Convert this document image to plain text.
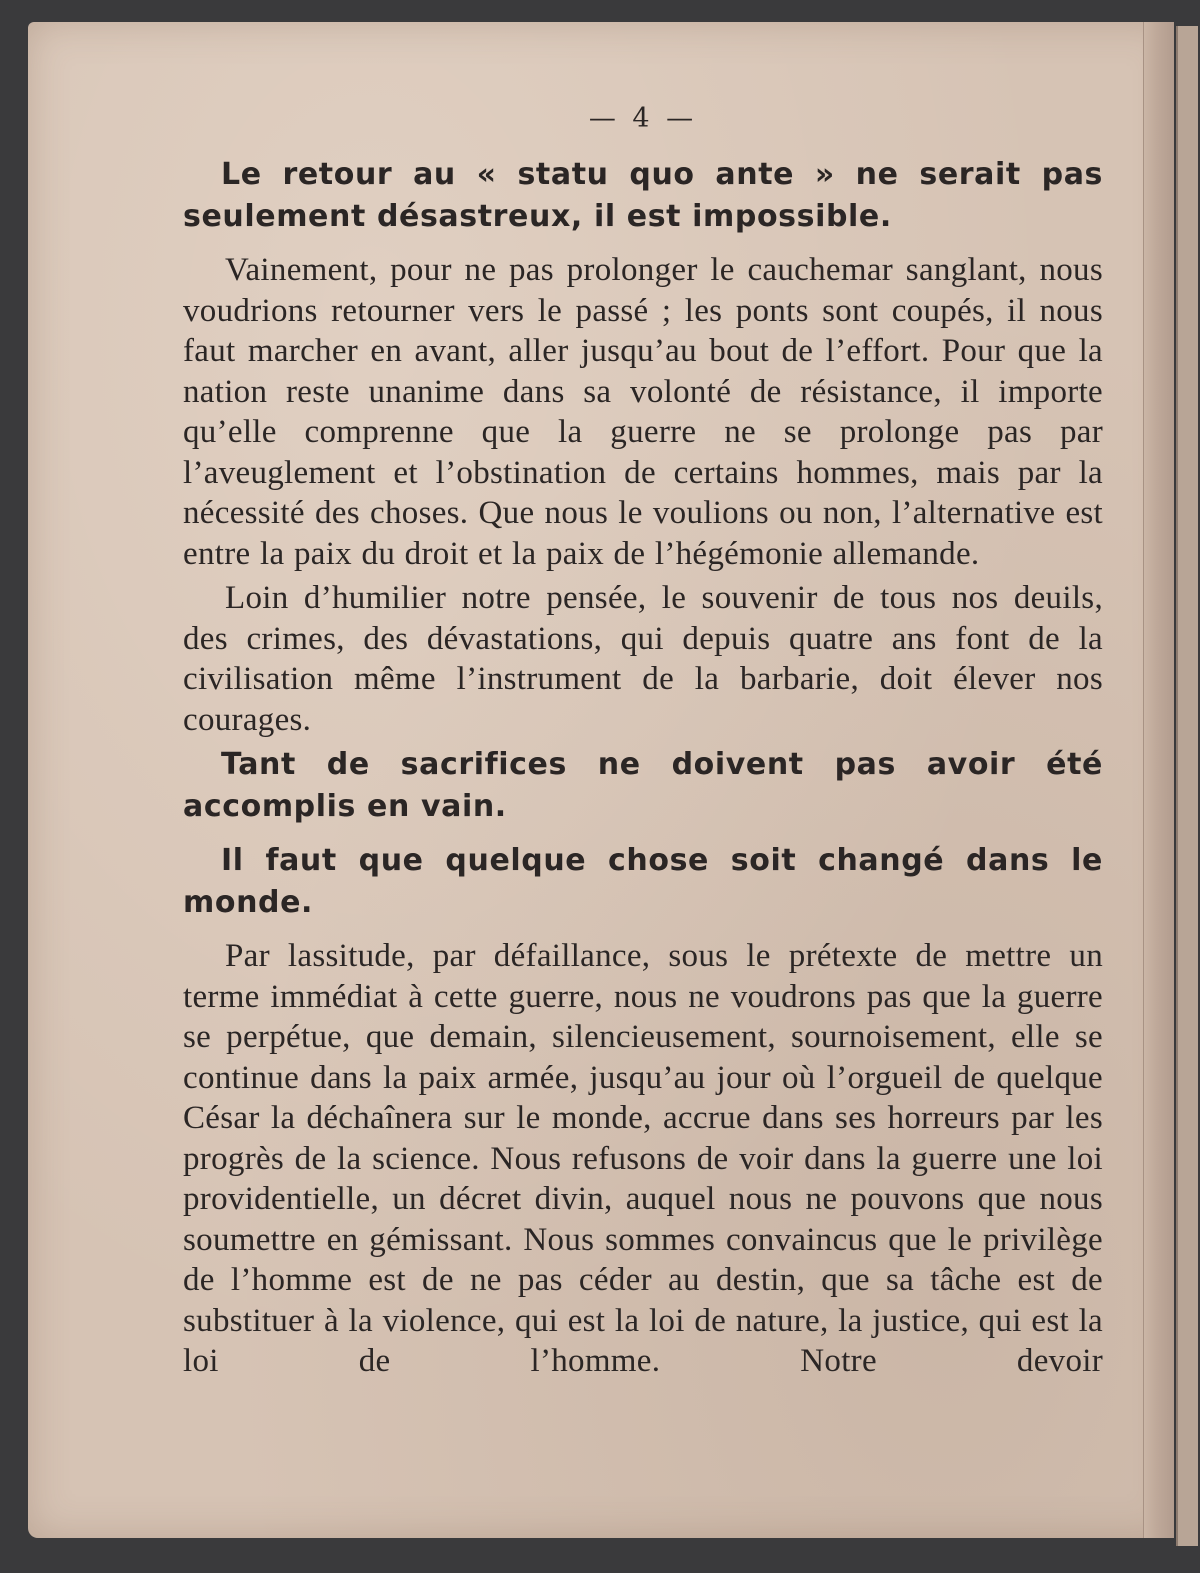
— 4 —

Le retour au « statu quo ante » ne serait pas seulement désastreux, il est impossible.

Vainement, pour ne pas prolonger le cauchemar sanglant, nous voudrions retourner vers le passé ; les ponts sont coupés, il nous faut marcher en avant, aller jusqu’au bout de l’effort. Pour que la nation reste unanime dans sa volonté de résistance, il importe qu’elle comprenne que la guerre ne se prolonge pas par l’aveuglement et l’obstination de certains hommes, mais par la nécessité des choses. Que nous le voulions ou non, l’alternative est entre la paix du droit et la paix de l’hégémonie allemande.

Loin d’humilier notre pensée, le souvenir de tous nos deuils, des crimes, des dévastations, qui depuis quatre ans font de la civilisation même l’instrument de la barbarie, doit élever nos courages.

Tant de sacrifices ne doivent pas avoir été accomplis en vain.

Il faut que quelque chose soit changé dans le monde.

Par lassitude, par défaillance, sous le prétexte de mettre un terme immédiat à cette guerre, nous ne voudrons pas que la guerre se perpétue, que demain, silencieusement, sournoisement, elle se continue dans la paix armée, jusqu’au jour où l’orgueil de quelque César la déchaînera sur le monde, accrue dans ses horreurs par les progrès de la science. Nous refusons de voir dans la guerre une loi providentielle, un décret divin, auquel nous ne pouvons que nous soumettre en gémissant. Nous sommes convaincus que le privilège de l’homme est de ne pas céder au destin, que sa tâche est de substituer à la violence, qui est la loi de nature, la justice, qui est la loi de l’homme. Notre devoir
